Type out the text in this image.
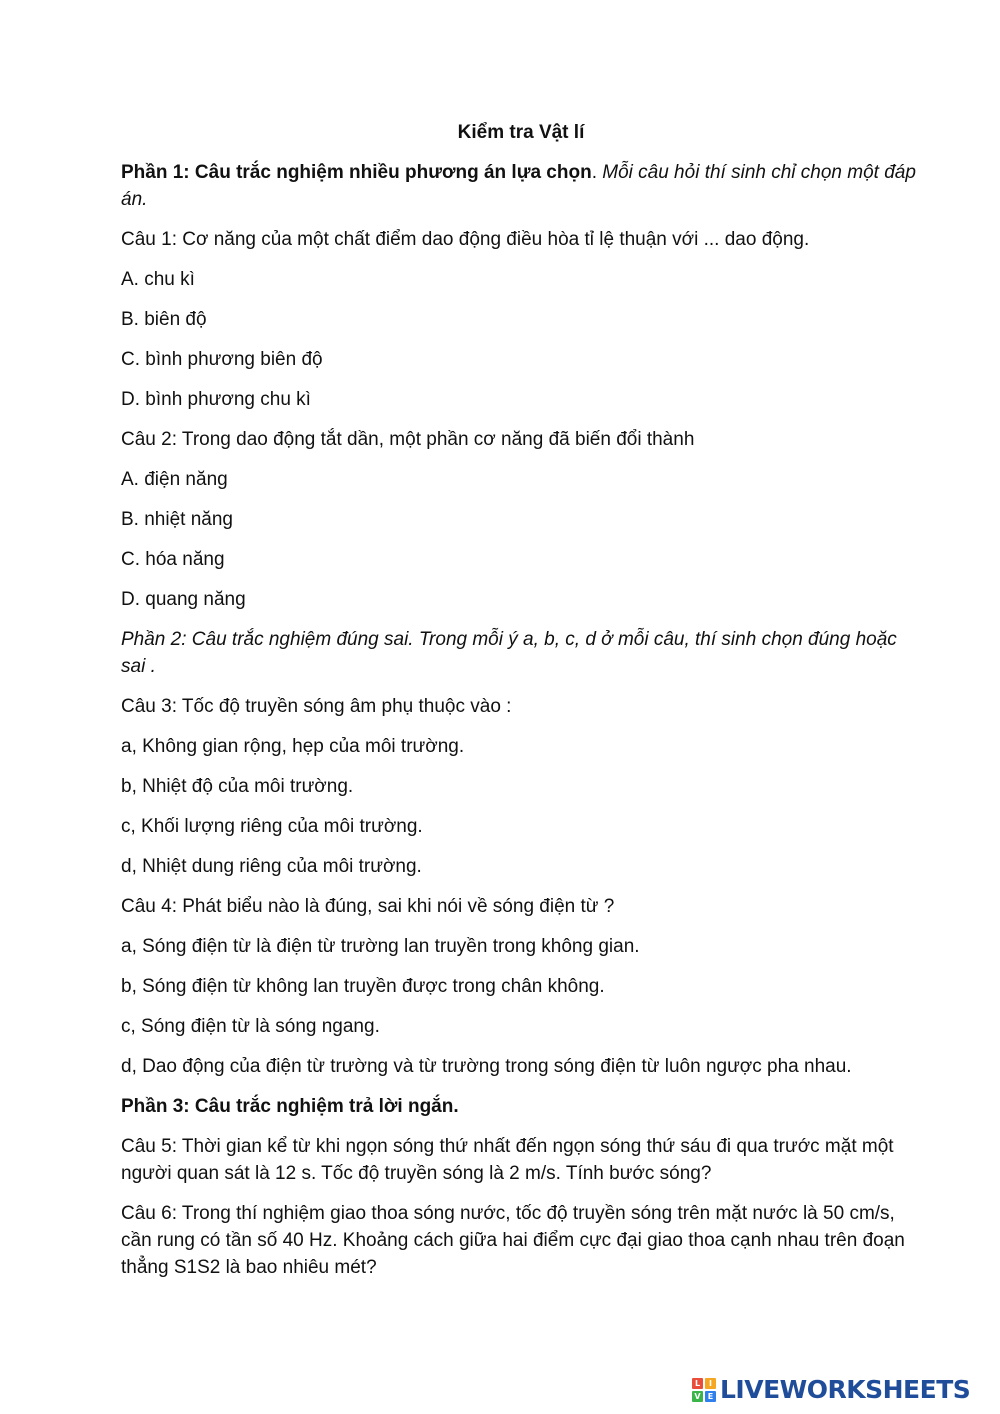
Kiểm tra Vật lí
Phần 1: Câu trắc nghiệm nhiều phương án lựa chọn. Mỗi câu hỏi thí sinh chỉ chọn một đáp án.
Câu 1: Cơ năng của một chất điểm dao động điều hòa tỉ lệ thuận với ... dao động.
A. chu kì
B. biên độ
C. bình phương biên độ
D. bình phương chu kì
Câu 2: Trong dao động tắt dần, một phần cơ năng đã biến đổi thành
A. điện năng
B. nhiệt năng
C. hóa năng
D. quang năng
Phần 2: Câu trắc nghiệm đúng sai. Trong mỗi ý a, b, c, d ở mỗi câu, thí sinh chọn đúng hoặc sai .
Câu 3: Tốc độ truyền sóng âm phụ thuộc vào :
a, Không gian rộng, hẹp của môi trường.
b, Nhiệt độ của môi trường.
c, Khối lượng riêng của môi trường.
d, Nhiệt dung riêng của môi trường.
Câu 4: Phát biểu nào là đúng, sai khi nói về sóng điện từ ?
a, Sóng điện từ là điện từ trường lan truyền trong không gian.
b, Sóng điện từ không lan truyền được trong chân không.
c, Sóng điện từ là sóng ngang.
d, Dao động của điện từ trường và từ trường trong sóng điện từ luôn ngược pha nhau.
Phần 3: Câu trắc nghiệm trả lời ngắn.
Câu 5: Thời gian kể từ khi ngọn sóng thứ nhất đến ngọn sóng thứ sáu đi qua trước mặt một người quan sát là 12 s. Tốc độ truyền sóng là 2 m/s. Tính bước sóng?
Câu 6: Trong thí nghiệm giao thoa sóng nước, tốc độ truyền sóng trên mặt nước là 50 cm/s, cần rung có tần số 40 Hz. Khoảng cách giữa hai điểm cực đại giao thoa cạnh nhau trên đoạn thẳng S1S2 là bao nhiêu mét?
L	I
V E LIVEWORKSHEETS
